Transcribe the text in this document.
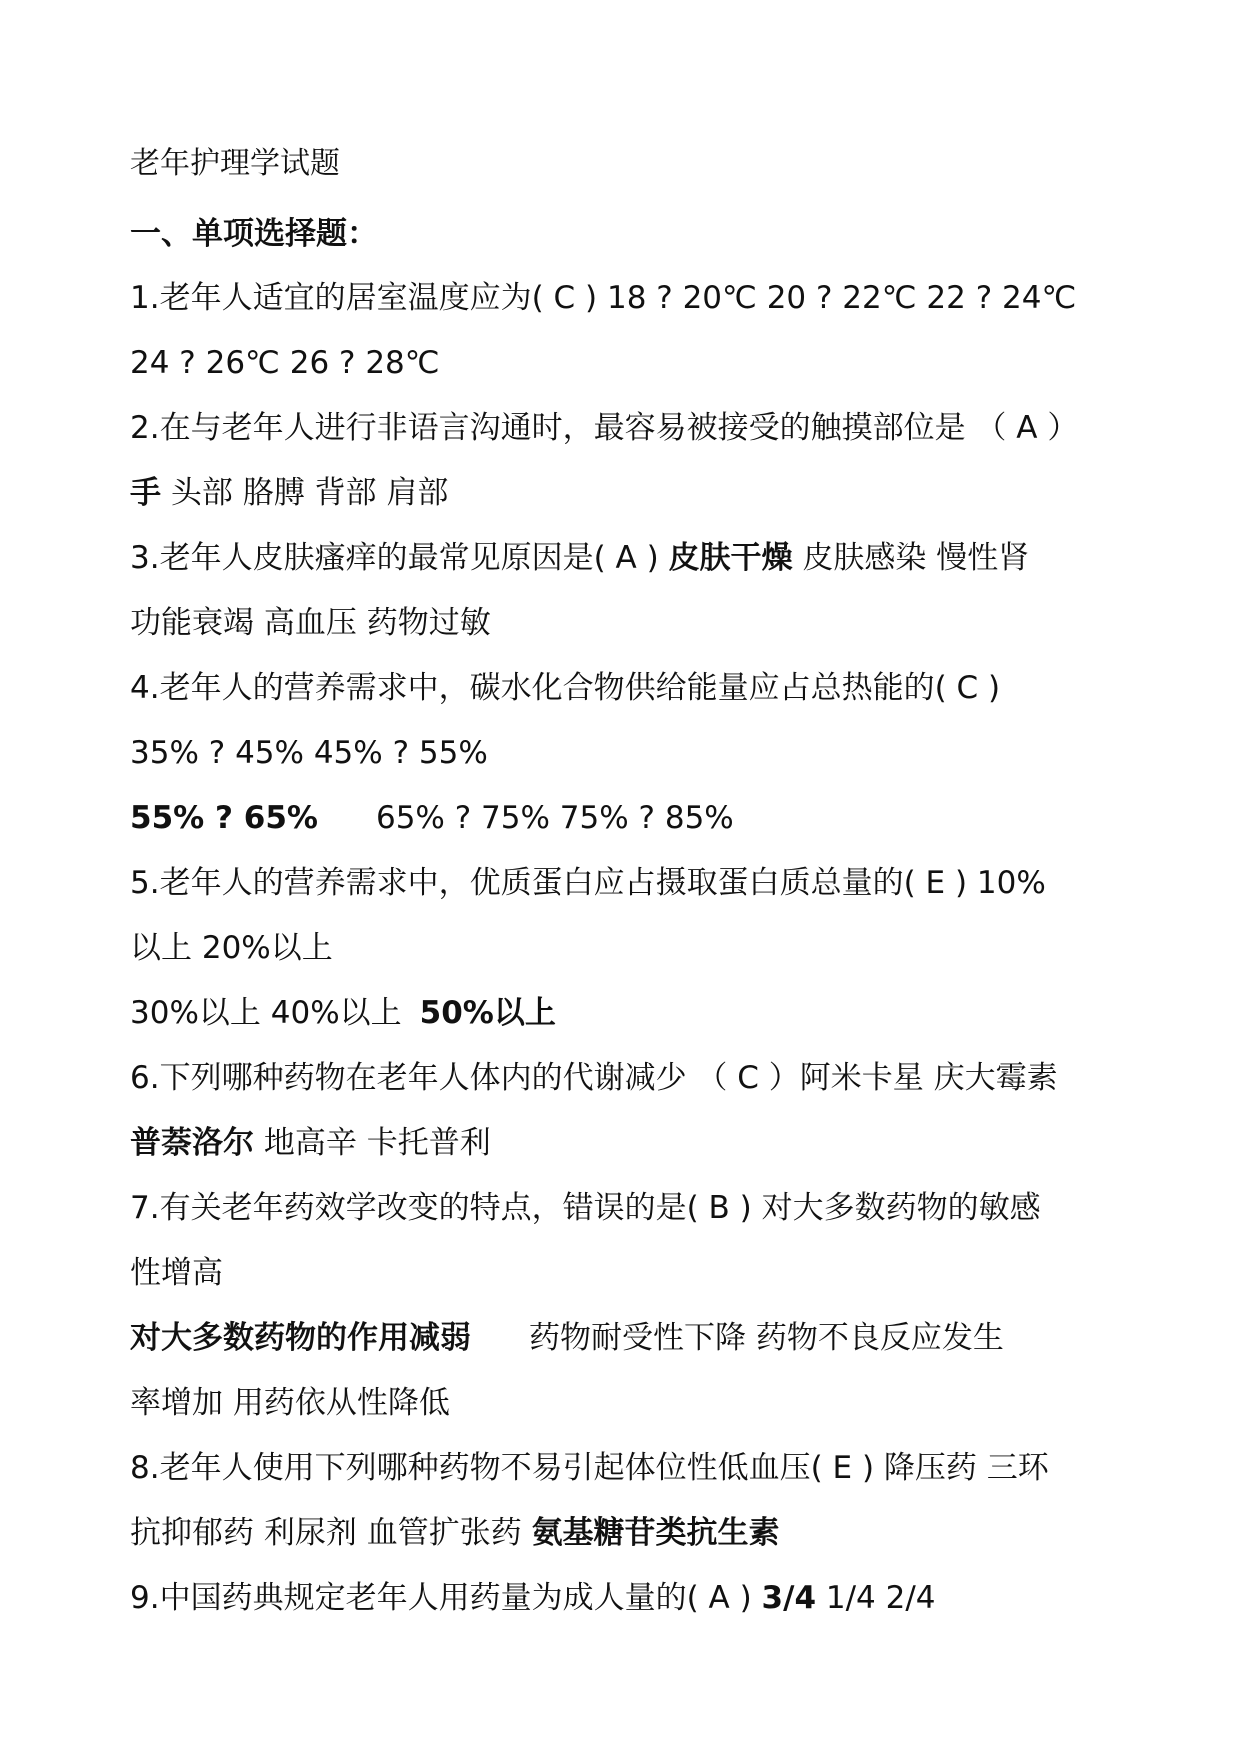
老年护理学试题
一、单项选择题：
1.老年人适宜的居室温度应为( C ) 18 ? 20℃ 20 ? 22℃ 22 ? 24℃
24 ? 26℃ 26 ? 28℃
2.在与老年人进行非语言沟通时，最容易被接受的触摸部位是 （ A ）
手 头部 胳膊 背部 肩部
3.老年人皮肤瘙痒的最常见原因是( A ) 皮肤干燥 皮肤感染 慢性肾
功能衰竭 高血压 药物过敏
4.老年人的营养需求中，碳水化合物供给能量应占总热能的( C )
35% ? 45% 45% ? 55%
55% ? 65% 65% ? 75% 75% ? 85%
5.老年人的营养需求中，优质蛋白应占摄取蛋白质总量的( E ) 10%
以上 20%以上
30%以上 40%以上 50%以上
6.下列哪种药物在老年人体内的代谢减少 （ C ）阿米卡星 庆大霉素
普萘洛尔 地高辛 卡托普利
7.有关老年药效学改变的特点，错误的是( B ) 对大多数药物的敏感
性增高
对大多数药物的作用减弱 药物耐受性下降 药物不良反应发生
率增加 用药依从性降低
8.老年人使用下列哪种药物不易引起体位性低血压( E ) 降压药 三环
抗抑郁药 利尿剂 血管扩张药 氨基糖苷类抗生素
9.中国药典规定老年人用药量为成人量的( A ) 3/4 1/4 2/4
